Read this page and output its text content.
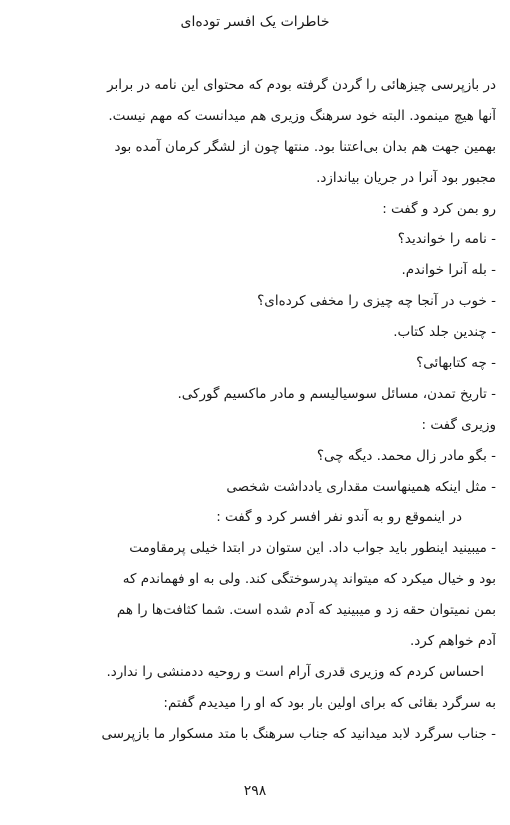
خاطرات یک افسر توده‌ای
در بازپرسی چیزهائی را گردن گرفته بودم که محتوای این نامه در برابر
آنها هیچ مینمود. البته خود سرهنگ وزیری هم میدانست که مهم نیست.
بهمین جهت هم بدان بی‌اعتنا بود. منتها چون از لشگر کرمان آمده بود
مجبور بود آنرا در جریان بیاندازد.
رو بمن کرد و گفت :
- نامه را خواندید؟
- بله آنرا خواندم.
- خوب در آنجا چه چیزی را مخفی کرده‌ای؟
- چندین جلد کتاب.
- چه کتابهائی؟
- تاریخ تمدن، مسائل سوسیالیسم و مادر ماکسیم گورکی.
وزیری گفت :
- بگو مادر زال محمد. دیگه چی؟
- مثل اینکه همینهاست مقداری یادداشت شخصی
در اینموقع رو به آندو نفر افسر کرد و گفت :
- میبینید اینطور باید جواب داد. این ستوان در ابتدا خیلی پرمقاومت
بود و خیال میکرد که میتواند پدرسوختگی کند. ولی به او فهماندم که
بمن نمیتوان حقه زد و میبینید که آدم شده است. شما کثافت‌ها را هم
آدم خواهم کرد.
احساس کردم که وزیری قدری آرام است و روحیه ددمنشی را ندارد.
به سرگرد بقائی که برای اولین بار بود که او را میدیدم گفتم:
- جناب سرگرد لابد میدانید که جناب سرهنگ با متد مسکوار ما بازپرسی
۲۹۸
